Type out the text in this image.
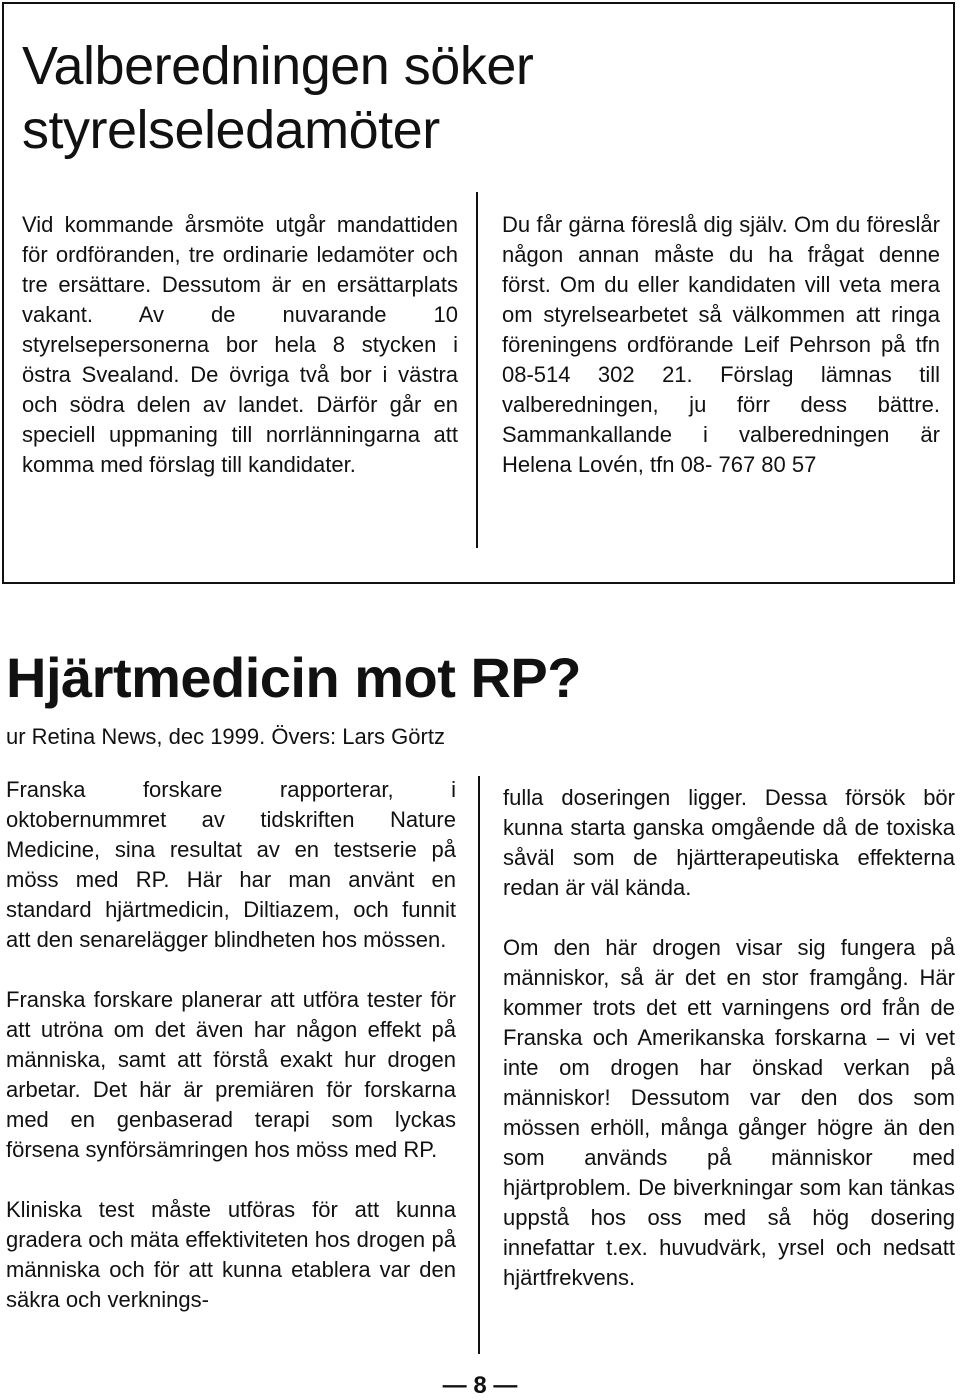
Valberedningen söker
styrelseledamöter

Vid kommande årsmöte utgår mandattiden för ordföranden, tre ordinarie ledamöter och tre ersättare. Dessutom är en ersättarplats vakant. Av de nuvarande 10 styrelsepersonerna bor hela 8 stycken i östra Svealand. De övriga två bor i västra och södra delen av landet. Därför går en speciell uppmaning till norrlänningarna att komma med förslag till kandidater.

Du får gärna föreslå dig själv. Om du föreslår någon annan måste du ha frågat denne först. Om du eller kandidaten vill veta mera om styrelsearbetet så välkommen att ringa föreningens ordförande Leif Pehrson på tfn 08-514 302 21. Förslag lämnas till valberedningen, ju förr dess bättre. Sammankallande i valberedningen är Helena Lovén, tfn 08- 767 80 57

Hjärtmedicin mot RP?

ur Retina News, dec 1999. Övers: Lars Görtz

Franska forskare rapporterar, i oktobernummret av tidskriften Nature Medicine, sina resultat av en testserie på möss med RP. Här har man använt en standard hjärtmedicin, Diltiazem, och funnit att den senarelägger blindheten hos mössen.

Franska forskare planerar att utföra tester för att utröna om det även har någon effekt på människa, samt att förstå exakt hur drogen arbetar. Det här är premiären för forskarna med en genbaserad terapi som lyckas försena synförsämringen hos möss med RP.

Kliniska test måste utföras för att kunna gradera och mäta effektiviteten hos drogen på människa och för att kunna etablera var den säkra och verknings-

fulla doseringen ligger. Dessa försök bör kunna starta ganska omgående då de toxiska såväl som de hjärtterapeutiska effekterna redan är väl kända.

Om den här drogen visar sig fungera på människor, så är det en stor framgång. Här kommer trots det ett varningens ord från de Franska och Amerikanska forskarna – vi vet inte om drogen har önskad verkan på människor! Dessutom var den dos som mössen erhöll, många gånger högre än den som används på människor med hjärtproblem. De biverkningar som kan tänkas uppstå hos oss med så hög dosering innefattar t.ex. huvudvärk, yrsel och nedsatt hjärtfrekvens.

— 8 —
